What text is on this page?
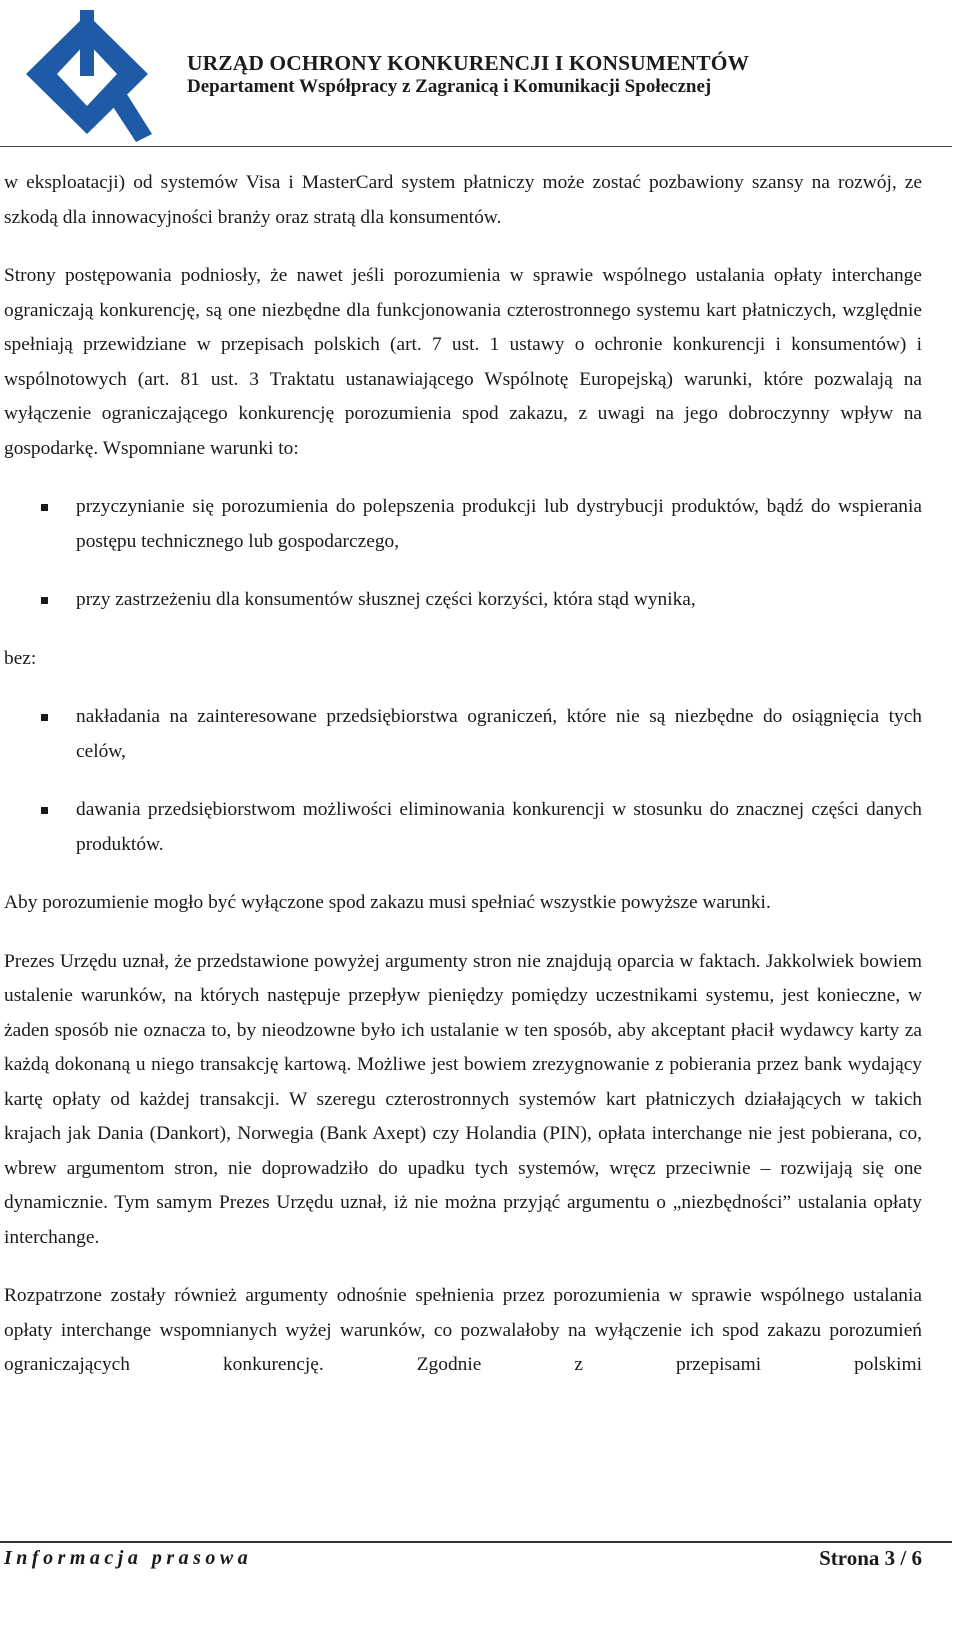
URZĄD OCHRONY KONKURENCJI I KONSUMENTÓW
Departament Współpracy z Zagranicą i Komunikacji Społecznej

w eksploatacji) od systemów Visa i MasterCard system płatniczy może zostać pozbawiony szansy na rozwój, ze szkodą dla innowacyjności branży oraz stratą dla konsumentów.

Strony postępowania podniosły, że nawet jeśli porozumienia w sprawie wspólnego ustalania opłaty interchange ograniczają konkurencję, są one niezbędne dla funkcjonowania czterostronnego systemu kart płatniczych, względnie spełniają przewidziane w przepisach polskich (art. 7 ust. 1 ustawy o ochronie konkurencji i konsumentów) i wspólnotowych (art. 81 ust. 3 Traktatu ustanawiającego Wspólnotę Europejską) warunki, które pozwalają na wyłączenie ograniczającego konkurencję porozumienia spod zakazu, z uwagi na jego dobroczynny wpływ na gospodarkę. Wspomniane warunki to:

przyczynianie się porozumienia do polepszenia produkcji lub dystrybucji produktów, bądź do wspierania postępu technicznego lub gospodarczego,
przy zastrzeżeniu dla konsumentów słusznej części korzyści, która stąd wynika,

bez:

nakładania na zainteresowane przedsiębiorstwa ograniczeń, które nie są niezbędne do osiągnięcia tych celów,
dawania przedsiębiorstwom możliwości eliminowania konkurencji w stosunku do znacznej części danych produktów.

Aby porozumienie mogło być wyłączone spod zakazu musi spełniać wszystkie powyższe warunki.

Prezes Urzędu uznał, że przedstawione powyżej argumenty stron nie znajdują oparcia w faktach. Jakkolwiek bowiem ustalenie warunków, na których następuje przepływ pieniędzy pomiędzy uczestnikami systemu, jest konieczne, w żaden sposób nie oznacza to, by nieodzowne było ich ustalanie w ten sposób, aby akceptant płacił wydawcy karty za każdą dokonaną u niego transakcję kartową. Możliwe jest bowiem zrezygnowanie z pobierania przez bank wydający kartę opłaty od każdej transakcji. W szeregu czterostronnych systemów kart płatniczych działających w takich krajach jak Dania (Dankort), Norwegia (Bank Axept) czy Holandia (PIN), opłata interchange nie jest pobierana, co, wbrew argumentom stron, nie doprowadziło do upadku tych systemów, wręcz przeciwnie – rozwijają się one dynamicznie. Tym samym Prezes Urzędu uznał, iż nie można przyjąć argumentu o „niezbędności” ustalania opłaty interchange.

Rozpatrzone zostały również argumenty odnośnie spełnienia przez porozumienia w sprawie wspólnego ustalania opłaty interchange wspomnianych wyżej warunków, co pozwalałoby na wyłączenie ich spod zakazu porozumień ograniczających konkurencję. Zgodnie z przepisami polskimi

Informacja prasowa	Strona 3 / 6
